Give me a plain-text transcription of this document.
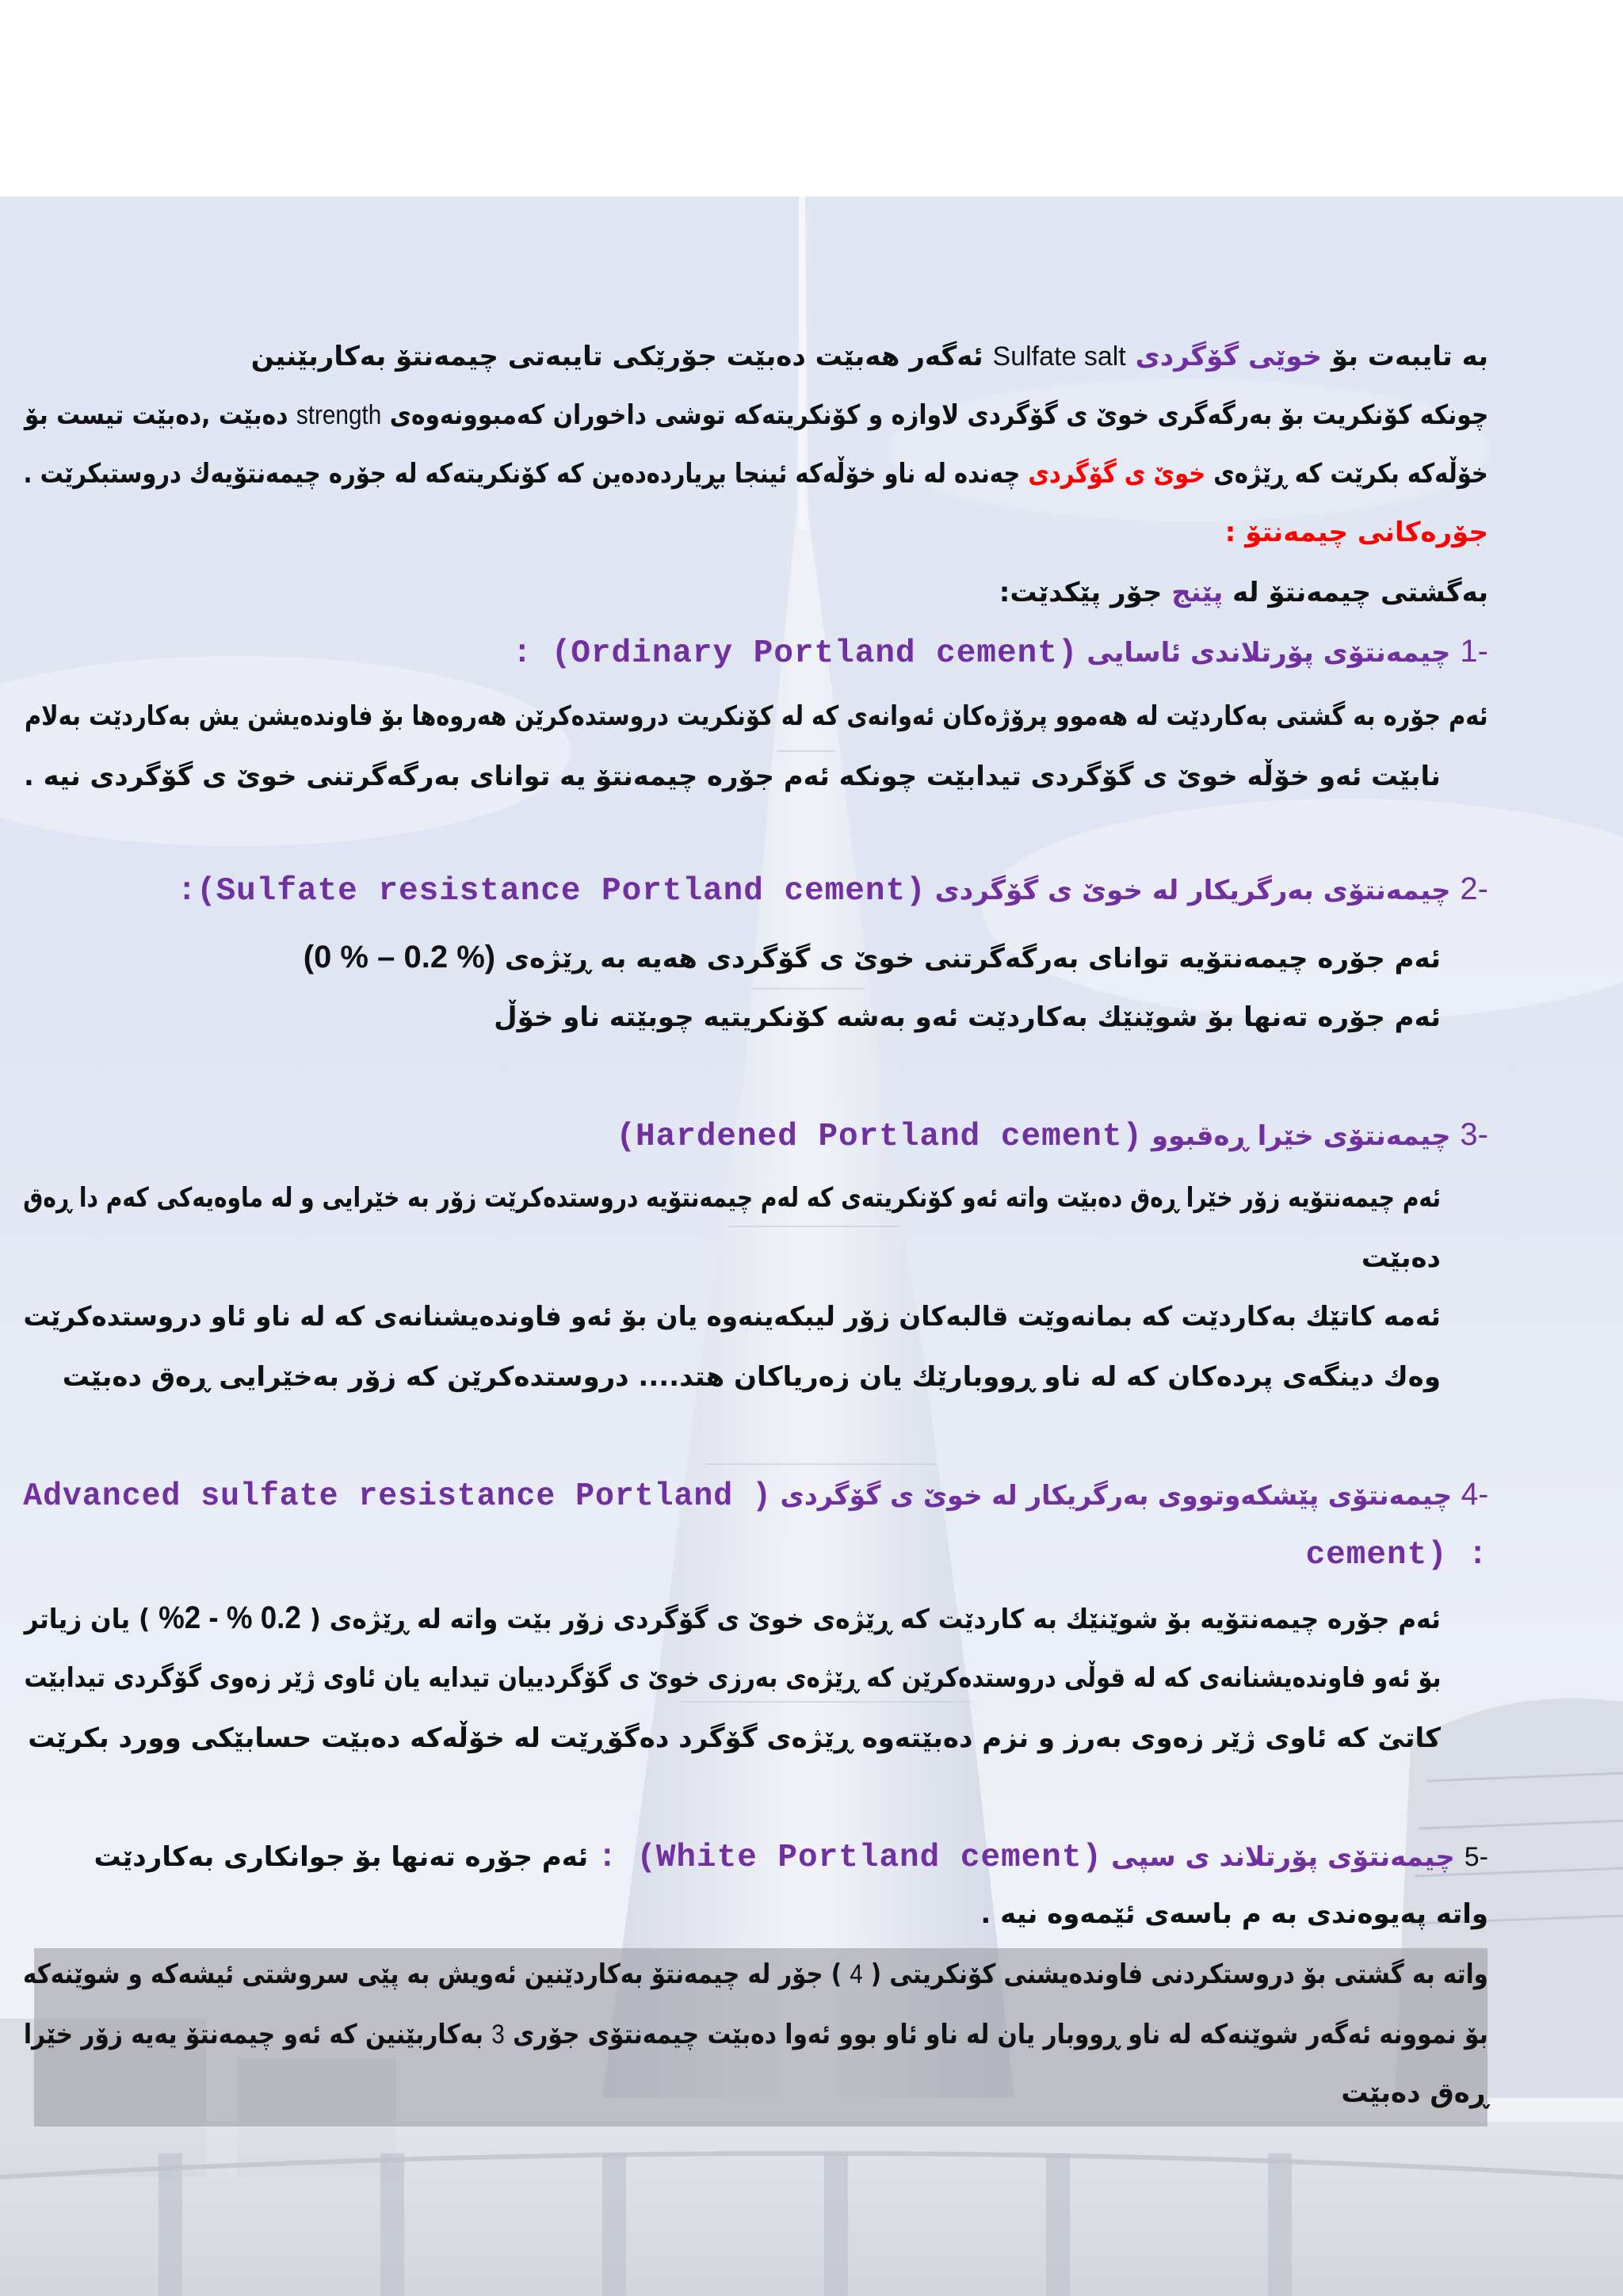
به تایبەت بۆ خوێی گۆگردی Sulfate salt ئەگەر هەبێت دەبێت جۆرێکی تایبەتی چیمەنتۆ بەکاربێنین
چونکە کۆنکریت بۆ بەرگەگری خوێ ی گۆگردی لاوازە و کۆنکریتەکە توشی داخوران کەمبوونەوەی strength دەبێت ,دەبێت تیست بۆ
خۆڵەکە بکرێت کە ڕێژەی خوێ ی گۆگردی چەندە لە ناو خۆڵەکە ئینجا بڕیاردەدەین کە کۆنکریتەکە لە جۆرە چیمەنتۆیەك دروستبکرێت .
جۆرەکانی چیمەنتۆ :
بەگشتی چیمەنتۆ لە پێنج جۆر پێکدێت:
-1 چیمەنتۆی پۆرتلاندی ئاسایی (Ordinary Portland cement) :
ئەم جۆرە بە گشتی بەکاردێت لە هەموو پرۆژەکان ئەوانەی کە لە کۆنکریت دروستدەکرێن هەروەها بۆ فاوندەیشن یش بەکاردێت بەلام
نابێت ئەو خۆڵە خوێ ی گۆگردی تیدابێت چونکە ئەم جۆرە چیمەنتۆ یە توانای بەرگەگرتنی خوێ ی گۆگردی نیە .
-2 چیمەنتۆی بەرگریکار لە خوێ ی گۆگردی (Sulfate resistance Portland cement):
ئەم جۆرە چیمەنتۆیە توانای بەرگەگرتنی خوێ ی گۆگردی هەیە بە ڕێژەی (% 0.2 – % 0)
ئەم جۆرە تەنها بۆ شوێنێك بەکاردێت ئەو بەشە کۆنکریتیە چوبێتە ناو خۆڵ
-3 چیمەنتۆی خێرا ڕەقبوو (Hardened Portland cement)
ئەم چیمەنتۆیە زۆر خێرا ڕەق دەبێت واتە ئەو کۆنکریتەی کە لەم چیمەنتۆیە دروستدەکرێت زۆر بە خێرایی و لە ماوەیەکی کەم دا ڕەق
دەبێت
ئەمە کاتێك بەکاردێت کە بمانەوێت قالبەکان زۆر لیبکەینەوە یان بۆ ئەو فاوندەیشنانەی کە لە ناو ئاو دروستدەکرێت
وەك دینگەی پردەکان کە لە ناو ڕووبارێك یان زەریاکان هتد.... دروستدەکرێن کە زۆر بەخێرایی ڕەق دەبێت
-4 چیمەنتۆی پێشکەوتووی بەرگریکار لە خوێ ی گۆگردی ( Advanced sulfate resistance Portland
cement) :
ئەم جۆرە چیمەنتۆیە بۆ شوێنێك بە کاردێت کە ڕێژەی خوێ ی گۆگردی زۆر بێت واتە لە ڕێژەی ( 0.2 % - 2% ) یان زیاتر
بۆ ئەو فاوندەیشنانەی کە لە قوڵی دروستدەکرێن کە ڕێژەی بەرزی خوێ ی گۆگردییان تیدایە یان ئاوی ژێر زەوی گۆگردی تیدابێت
کاتێ کە ئاوی ژێر زەوی بەرز و نزم دەبێتەوە ڕێژەی گۆگرد دەگۆڕێت لە خۆڵەکە دەبێت حسابێکی وورد بکرێت
-5 چیمەنتۆی پۆرتلاند ی سپی (White Portland cement) : ئەم جۆرە تەنها بۆ جوانکاری بەکاردێت
واتە پەیوەندی بە م باسەی ئێمەوە نیە .
واتە بە گشتی بۆ دروستکردنی فاوندەیشنی کۆنکریتی ( 4 ) جۆر لە چیمەنتۆ بەکاردێنین ئەویش بە پێی سروشتی ئیشەکە و شوێنەکە
بۆ نموونە ئەگەر شوێنەکە لە ناو ڕووبار یان لە ناو ئاو بوو ئەوا دەبێت چیمەنتۆی جۆری 3 بەکاربێنین کە ئەو چیمەنتۆ یەیە زۆر خێرا
ڕەق دەبێت
